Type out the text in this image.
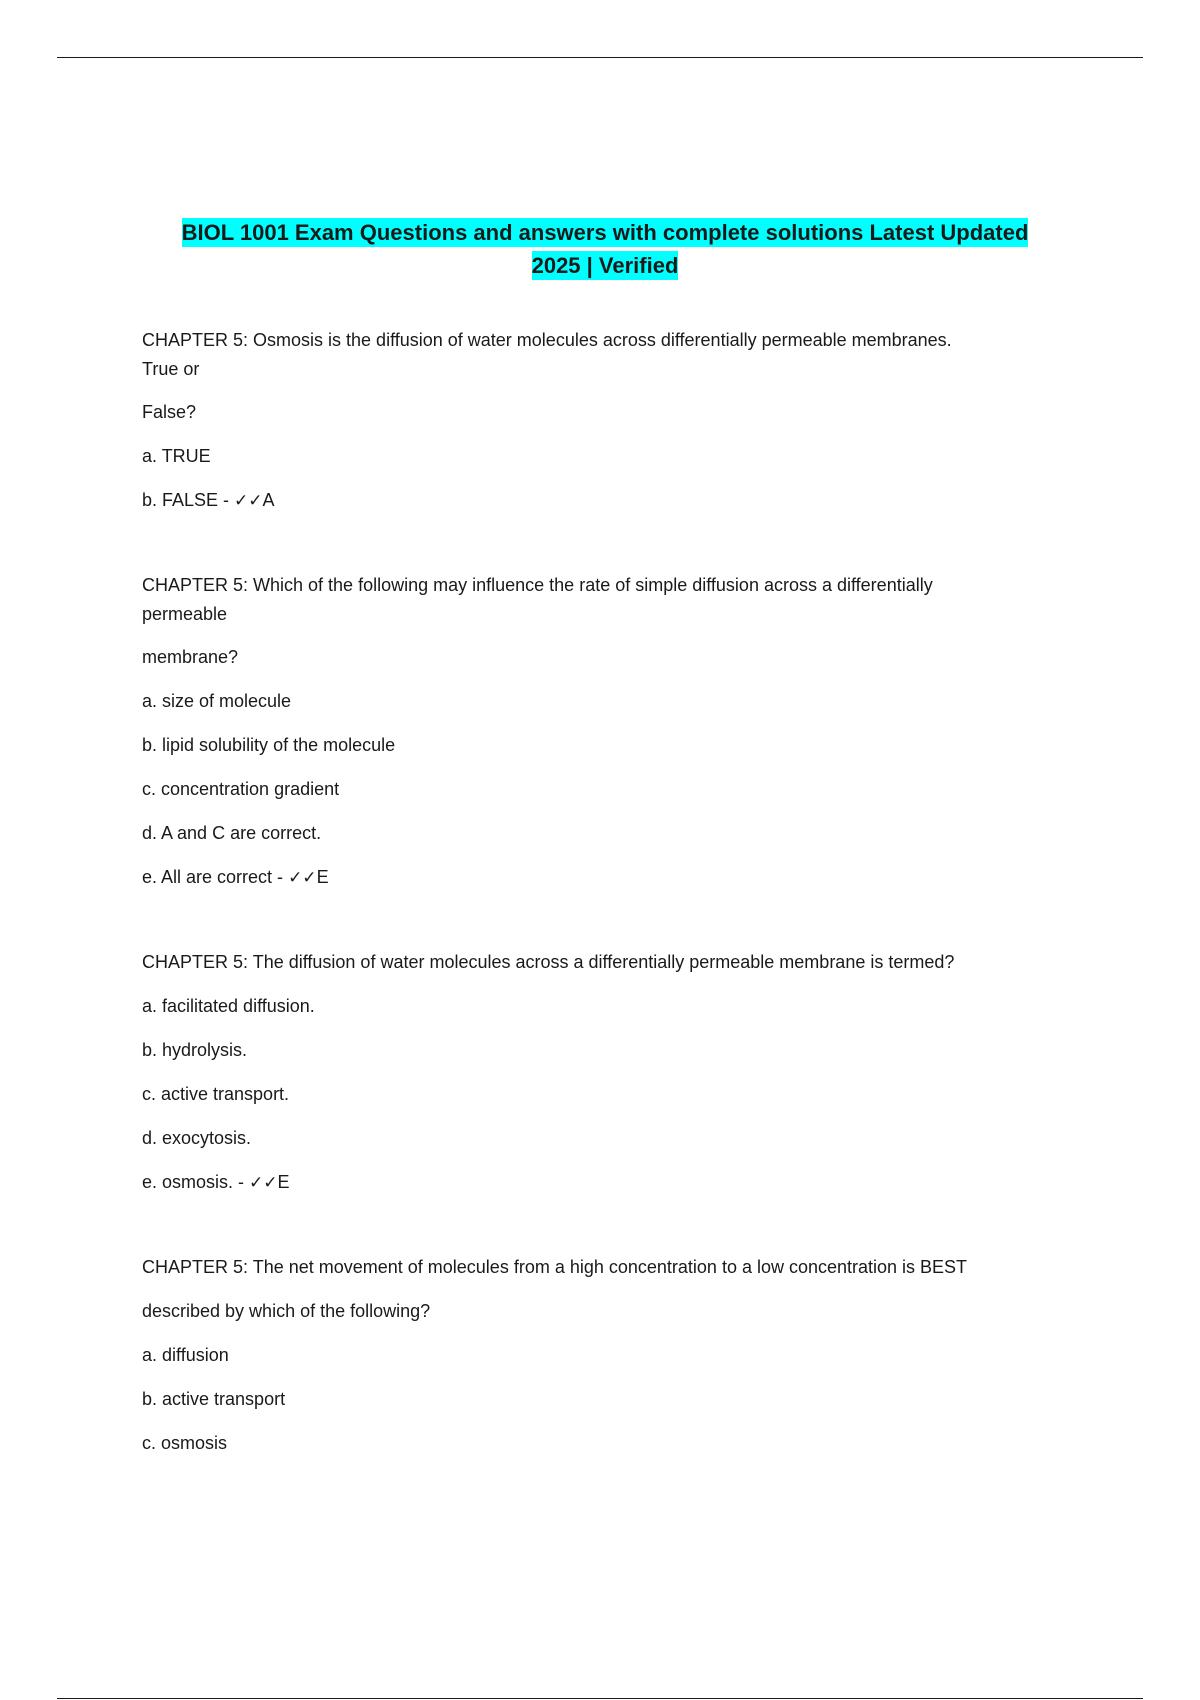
BIOL 1001 Exam Questions and answers with complete solutions Latest Updated
2025 | Verified

CHAPTER 5: Osmosis is the diffusion of water molecules across differentially permeable membranes.
True or

False?

a. TRUE

b. FALSE - ✓✓A

CHAPTER 5: Which of the following may influence the rate of simple diffusion across a differentially
permeable

membrane?

a. size of molecule

b. lipid solubility of the molecule

c. concentration gradient

d. A and C are correct.

e. All are correct - ✓✓E

CHAPTER 5: The diffusion of water molecules across a differentially permeable membrane is termed?

a. facilitated diffusion.

b. hydrolysis.

c. active transport.

d. exocytosis.

e. osmosis. - ✓✓E

CHAPTER 5: The net movement of molecules from a high concentration to a low concentration is BEST

described by which of the following?

a. diffusion

b. active transport

c. osmosis
